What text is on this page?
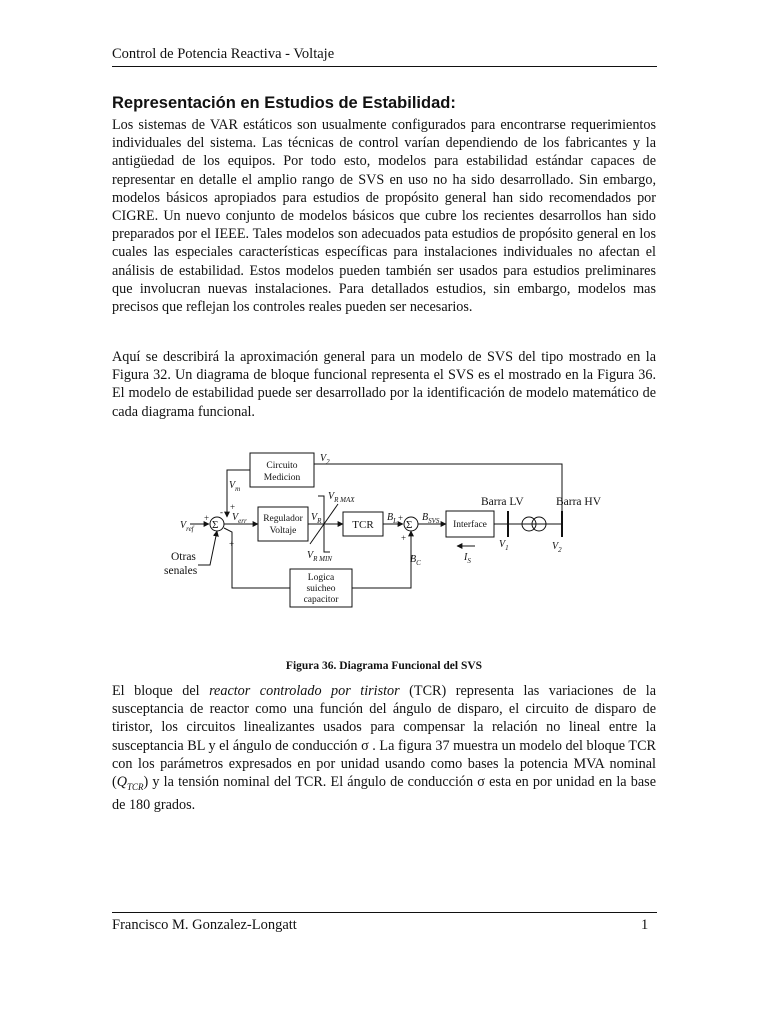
Control de Potencia Reactiva - Voltaje
Representación en Estudios de Estabilidad:

Los sistemas de VAR estáticos son usualmente configurados para encontrarse requerimientos individuales del sistema. Las técnicas de control varían dependiendo de los fabricantes y la antigüedad de los equipos. Por todo esto, modelos para estabilidad estándar capaces de representar en detalle el amplio rango de SVS en uso no ha sido desarrollado. Sin embargo, modelos básicos apropiados para estudios de propósito general han sido recomendados por CIGRE. Un nuevo conjunto de modelos básicos que cubre los recientes desarrollos han sido preparados por el IEEE. Tales modelos son adecuados pata estudios de propósito general en los cuales las especiales características específicas para instalaciones individuales no afectan el análisis de estabilidad. Estos modelos pueden también ser usados para estudios preliminares que involucran nuevas instalaciones. Para detallados estudios, sin embargo, modelos mas precisos que reflejan los controles reales pueden ser necesarios.

Aquí se describirá la aproximación general para un modelo de SVS del tipo mostrado en la Figura 32. Un diagrama de bloque funcional representa el SVS es el mostrado en la Figura 36. El modelo de estabilidad puede ser desarrollado por la identificación de modelo matemático de cada diagrama funcional.

Σ	Σ
Circuito
Medicion
Regulador
Voltaje	TCR	Interface
Logica
suicheo
capacitor
$V_2$
$V_m$
$V_{ref}$
$V_{err}$	$V_R$
$V_{R MAX}$
$V_{R MIN}$
$B_L$
$B_C$
$B_{SVS}$
$I_S$
$V_1$	$V_2$
Barra LV	Barra HV
Otras
senales
+
-
+
+
+
+
Figura 36. Diagrama Funcional del SVS

El bloque del reactor controlado por tiristor (TCR) representa las variaciones de la susceptancia de reactor como una función del ángulo de disparo, el circuito de disparo de tiristor, los circuitos linealizantes usados para compensar la relación no lineal entre la susceptancia BL y el ángulo de conducción σ . La figura 37 muestra un modelo del bloque TCR con los parámetros expresados en por unidad usando como bases la potencia MVA nominal $(Q_{TCR})$ y la tensión nominal del TCR. El ángulo de conducción σ esta en por unidad en la base de 180 grados.

Francisco M. Gonzalez-Longatt	1
